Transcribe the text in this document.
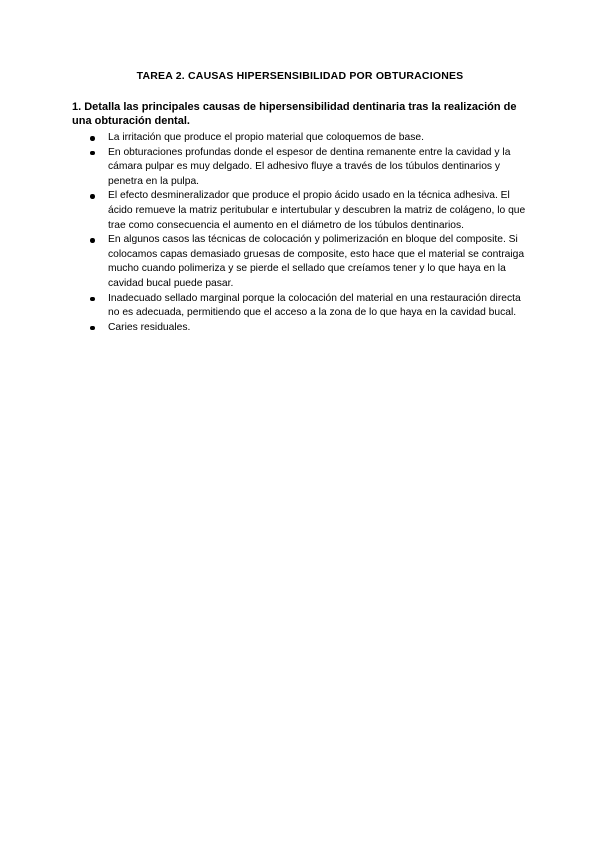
TAREA 2. CAUSAS HIPERSENSIBILIDAD POR OBTURACIONES
1. Detalla las principales causas de hipersensibilidad dentinaria tras la realización de una obturación dental.
La irritación que produce el propio material que coloquemos de base.
En obturaciones profundas donde el espesor de dentina remanente entre la cavidad y la cámara pulpar es muy delgado. El adhesivo fluye a través de los túbulos dentinarios y penetra en la pulpa.
El efecto desmineralizador que produce el propio ácido usado en la técnica adhesiva. El ácido remueve la matriz peritubular e intertubular y descubren la matriz de colágeno, lo que trae como consecuencia el aumento en el diámetro de los túbulos dentinarios.
En algunos casos las técnicas de colocación y polimerización en bloque del composite. Si colocamos capas demasiado gruesas de composite, esto hace que el material se contraiga mucho cuando polimeriza y se pierde el sellado que creíamos tener y lo que haya en la cavidad bucal puede pasar.
Inadecuado sellado marginal porque la colocación del material en una restauración directa no es adecuada, permitiendo que el acceso a la zona de lo que haya en la cavidad bucal.
Caries residuales.
